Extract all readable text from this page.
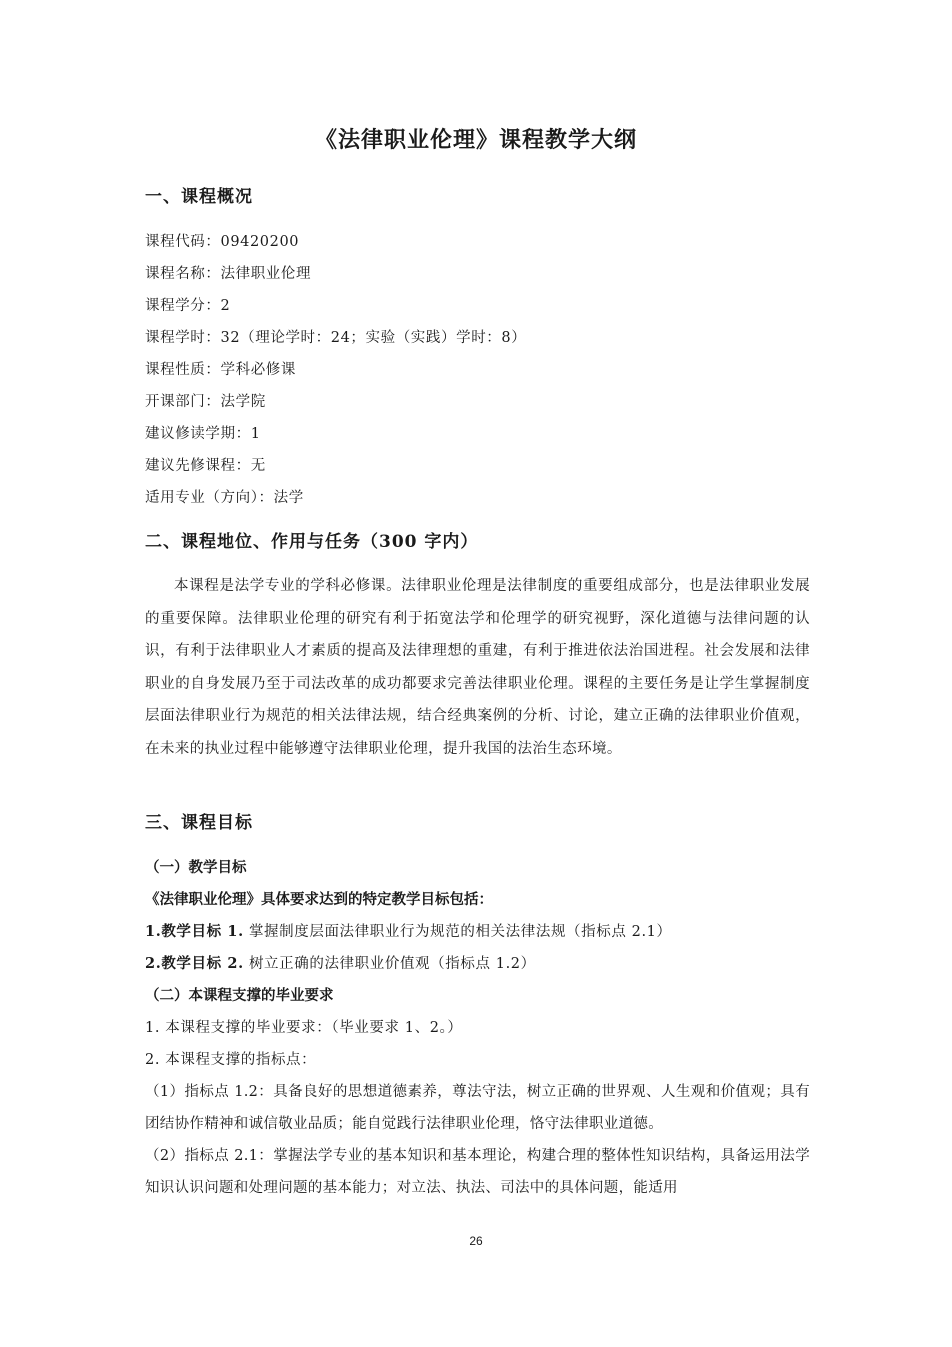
《法律职业伦理》课程教学大纲
一、课程概况
课程代码：09420200
课程名称：法律职业伦理
课程学分：2
课程学时：32（理论学时：24；实验（实践）学时：8）
课程性质：学科必修课
开课部门：法学院
建议修读学期：1
建议先修课程：无
适用专业（方向）：法学
二、课程地位、作用与任务（300 字内）
本课程是法学专业的学科必修课。法律职业伦理是法律制度的重要组成部分，也是法律职业发展的重要保障。法律职业伦理的研究有利于拓宽法学和伦理学的研究视野，深化道德与法律问题的认识，有利于法律职业人才素质的提高及法律理想的重建，有利于推进依法治国进程。社会发展和法律职业的自身发展乃至于司法改革的成功都要求完善法律职业伦理。课程的主要任务是让学生掌握制度层面法律职业行为规范的相关法律法规，结合经典案例的分析、讨论，建立正确的法律职业价值观，在未来的执业过程中能够遵守法律职业伦理，提升我国的法治生态环境。
三、课程目标
（一）教学目标
《法律职业伦理》具体要求达到的特定教学目标包括：
1.教学目标 1. 掌握制度层面法律职业行为规范的相关法律法规（指标点 2.1）
2.教学目标 2. 树立正确的法律职业价值观（指标点 1.2）
（二）本课程支撑的毕业要求
1. 本课程支撑的毕业要求：（毕业要求 1、2。）
2. 本课程支撑的指标点：
（1）指标点 1.2：具备良好的思想道德素养，尊法守法，树立正确的世界观、人生观和价值观；具有团结协作精神和诚信敬业品质；能自觉践行法律职业伦理，恪守法律职业道德。
（2）指标点 2.1：掌握法学专业的基本知识和基本理论，构建合理的整体性知识结构，具备运用法学知识认识问题和处理问题的基本能力；对立法、执法、司法中的具体问题，能适用
26
